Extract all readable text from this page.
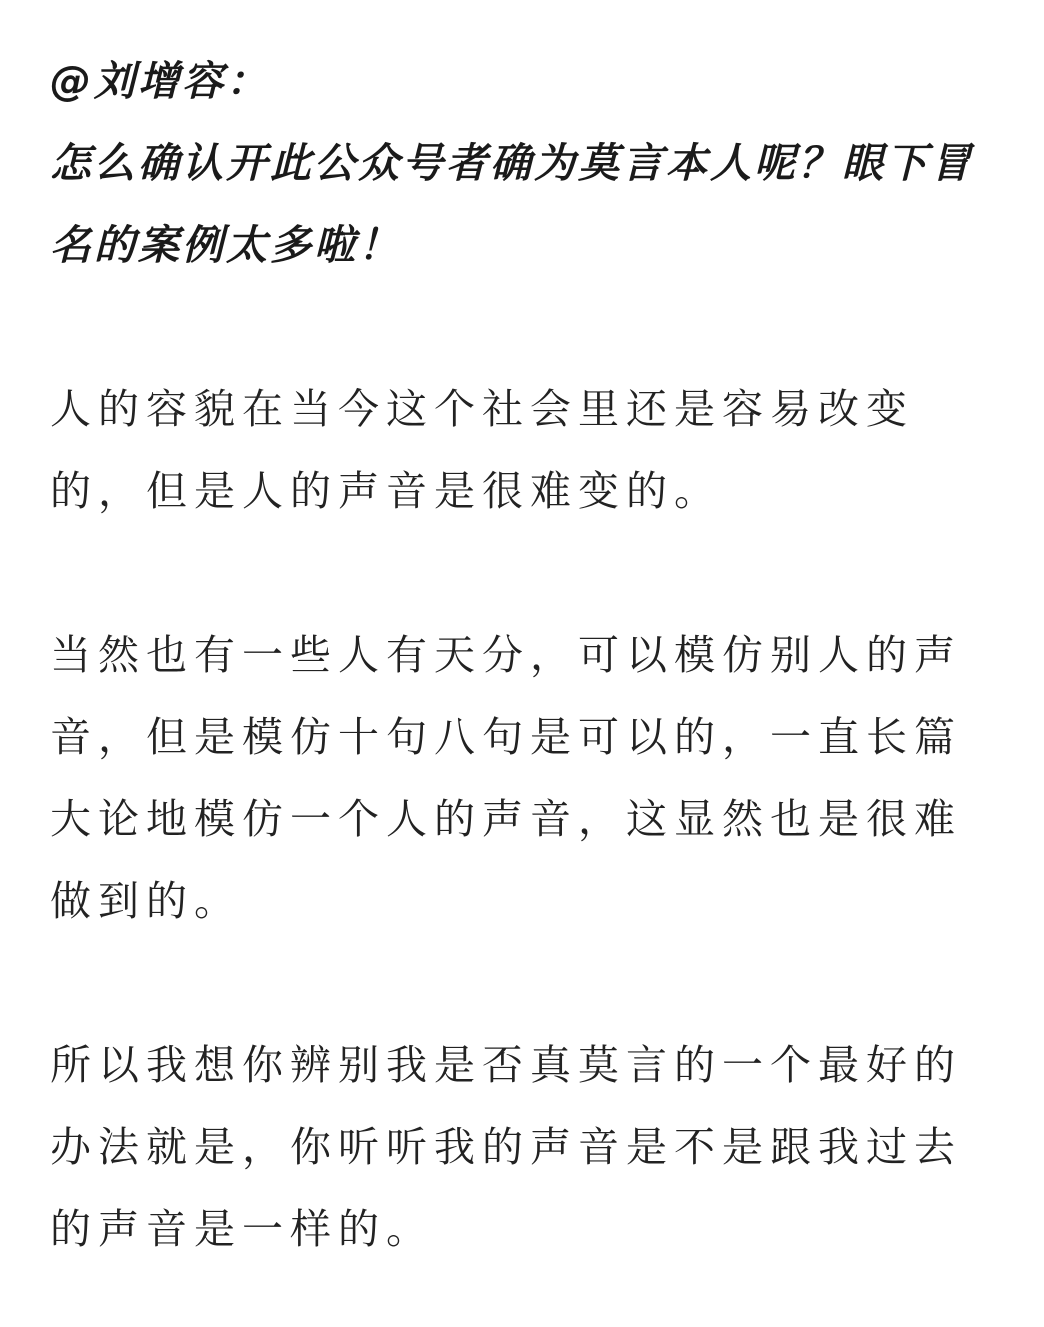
@刘增容：
怎么确认开此公众号者确为莫言本人呢？眼下冒名的案例太多啦！

人的容貌在当今这个社会里还是容易改变的，但是人的声音是很难变的。

当然也有一些人有天分，可以模仿别人的声音，但是模仿十句八句是可以的，一直长篇大论地模仿一个人的声音，这显然也是很难做到的。

所以我想你辨别我是否真莫言的一个最好的办法就是，你听听我的声音是不是跟我过去的声音是一样的。
